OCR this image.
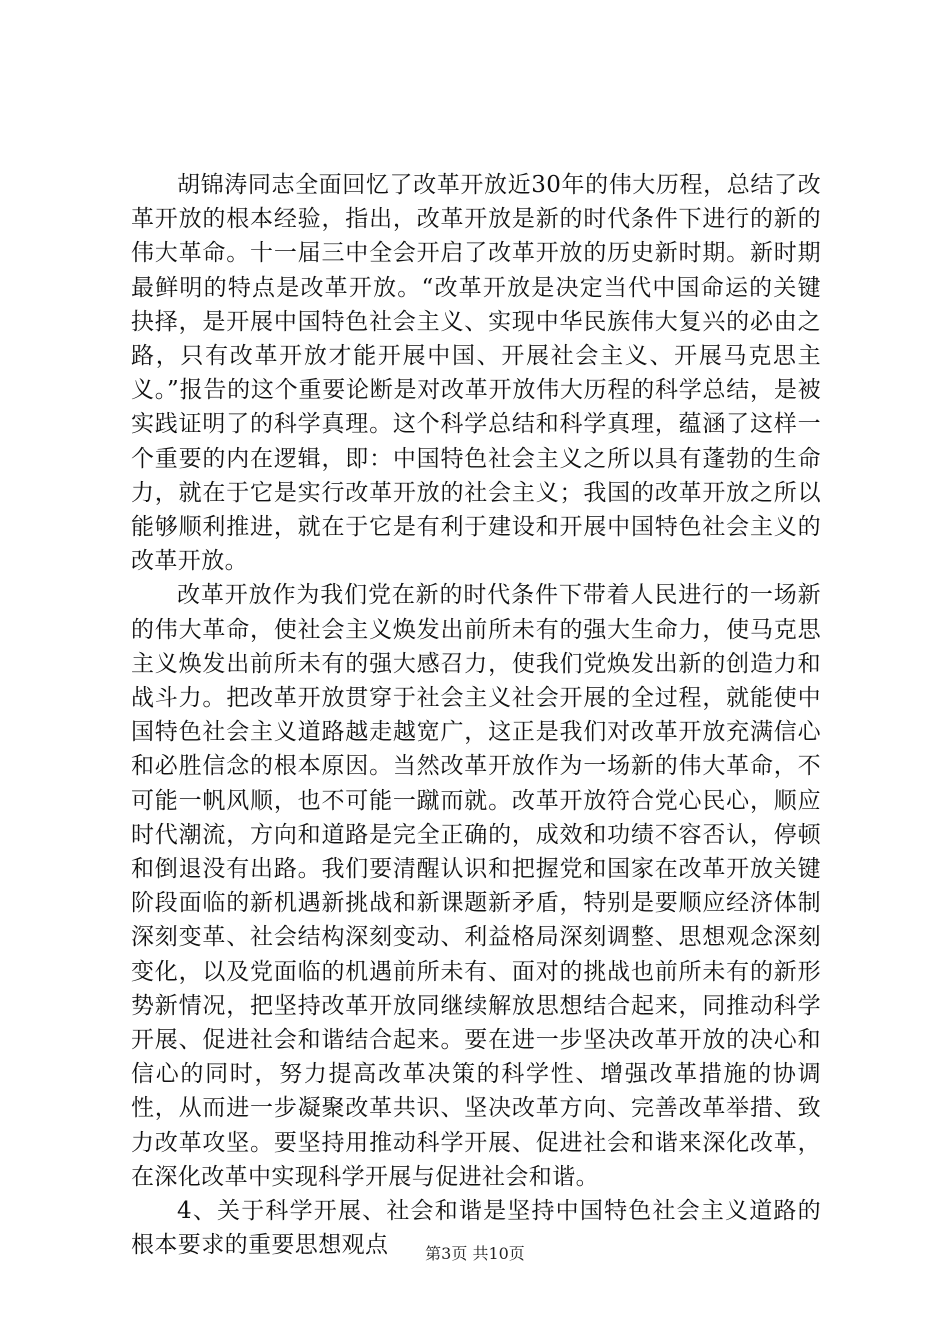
胡锦涛同志全面回忆了改革开放近30年的伟大历程，总结了改革开放的根本经验，指出，改革开放是新的时代条件下进行的新的伟大革命。十一届三中全会开启了改革开放的历史新时期。新时期最鲜明的特点是改革开放。“改革开放是决定当代中国命运的关键抉择，是开展中国特色社会主义、实现中华民族伟大复兴的必由之路，只有改革开放才能开展中国、开展社会主义、开展马克思主义。”报告的这个重要论断是对改革开放伟大历程的科学总结，是被实践证明了的科学真理。这个科学总结和科学真理，蕴涵了这样一个重要的内在逻辑，即：中国特色社会主义之所以具有蓬勃的生命力，就在于它是实行改革开放的社会主义；我国的改革开放之所以能够顺利推进，就在于它是有利于建设和开展中国特色社会主义的改革开放。

改革开放作为我们党在新的时代条件下带着人民进行的一场新的伟大革命，使社会主义焕发出前所未有的强大生命力，使马克思主义焕发出前所未有的强大感召力，使我们党焕发出新的创造力和战斗力。把改革开放贯穿于社会主义社会开展的全过程，就能使中国特色社会主义道路越走越宽广，这正是我们对改革开放充满信心和必胜信念的根本原因。当然改革开放作为一场新的伟大革命，不可能一帆风顺，也不可能一蹴而就。改革开放符合党心民心，顺应时代潮流，方向和道路是完全正确的，成效和功绩不容否认，停顿和倒退没有出路。我们要清醒认识和把握党和国家在改革开放关键阶段面临的新机遇新挑战和新课题新矛盾，特别是要顺应经济体制深刻变革、社会结构深刻变动、利益格局深刻调整、思想观念深刻变化，以及党面临的机遇前所未有、面对的挑战也前所未有的新形势新情况，把坚持改革开放同继续解放思想结合起来，同推动科学开展、促进社会和谐结合起来。要在进一步坚决改革开放的决心和信心的同时，努力提高改革决策的科学性、增强改革措施的协调性，从而进一步凝聚改革共识、坚决改革方向、完善改革举措、致力改革攻坚。要坚持用推动科学开展、促进社会和谐来深化改革，在深化改革中实现科学开展与促进社会和谐。

4、关于科学开展、社会和谐是坚持中国特色社会主义道路的根本要求的重要思想观点	第3页 共10页
